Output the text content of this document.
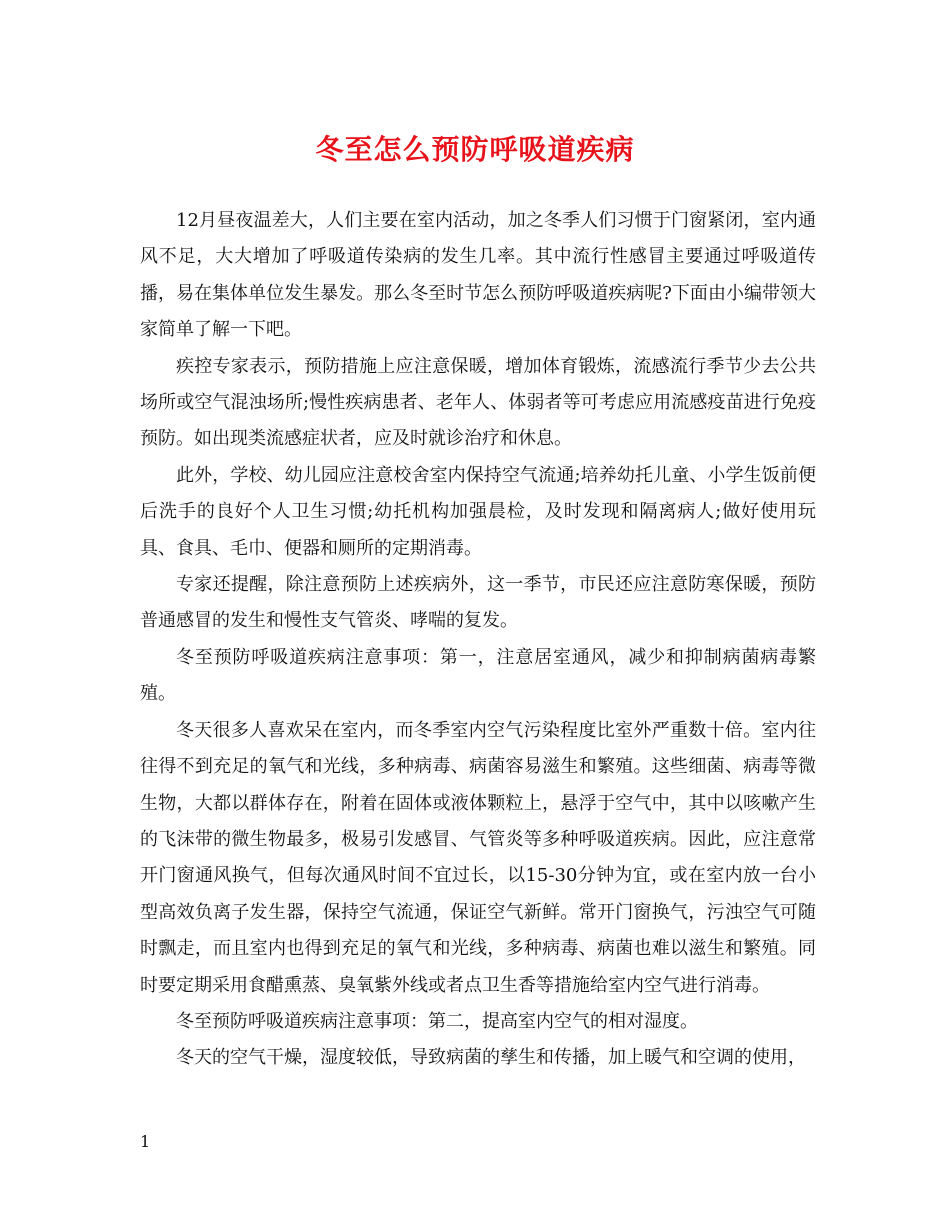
冬至怎么预防呼吸道疾病

12月昼夜温差大，人们主要在室内活动，加之冬季人们习惯于门窗紧闭，室内通风不足，大大增加了呼吸道传染病的发生几率。其中流行性感冒主要通过呼吸道传播，易在集体单位发生暴发。那么冬至时节怎么预防呼吸道疾病呢?下面由小编带领大家简单了解一下吧。

疾控专家表示，预防措施上应注意保暖，增加体育锻炼，流感流行季节少去公共场所或空气混浊场所;慢性疾病患者、老年人、体弱者等可考虑应用流感疫苗进行免疫预防。如出现类流感症状者，应及时就诊治疗和休息。

此外，学校、幼儿园应注意校舍室内保持空气流通;培养幼托儿童、小学生饭前便后洗手的良好个人卫生习惯;幼托机构加强晨检，及时发现和隔离病人;做好使用玩具、食具、毛巾、便器和厕所的定期消毒。

专家还提醒，除注意预防上述疾病外，这一季节，市民还应注意防寒保暖，预防普通感冒的发生和慢性支气管炎、哮喘的复发。

冬至预防呼吸道疾病注意事项：第一，注意居室通风，减少和抑制病菌病毒繁殖。

冬天很多人喜欢呆在室内，而冬季室内空气污染程度比室外严重数十倍。室内往往得不到充足的氧气和光线，多种病毒、病菌容易滋生和繁殖。这些细菌、病毒等微生物，大都以群体存在，附着在固体或液体颗粒上，悬浮于空气中，其中以咳嗽产生的飞沫带的微生物最多，极易引发感冒、气管炎等多种呼吸道疾病。因此，应注意常开门窗通风换气，但每次通风时间不宜过长，以15-30分钟为宜，或在室内放一台小型高效负离子发生器，保持空气流通，保证空气新鲜。常开门窗换气，污浊空气可随时飘走，而且室内也得到充足的氧气和光线，多种病毒、病菌也难以滋生和繁殖。同时要定期采用食醋熏蒸、臭氧紫外线或者点卫生香等措施给室内空气进行消毒。

冬至预防呼吸道疾病注意事项：第二，提高室内空气的相对湿度。

冬天的空气干燥，湿度较低，导致病菌的孳生和传播，加上暖气和空调的使用，

1
